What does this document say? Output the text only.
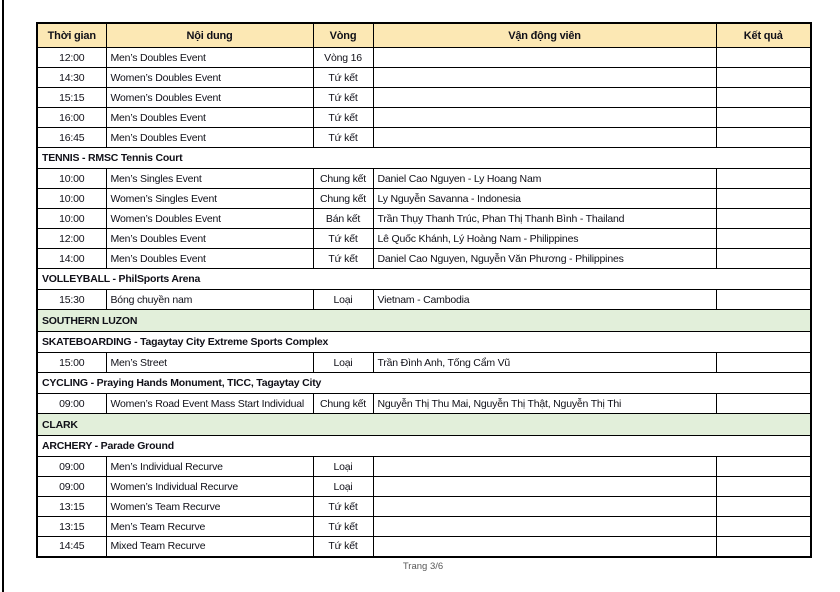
Thời gian	Nội dung	Vòng	Vận động viên	Kết quả
12:00	Men’s Doubles Event	Vòng 16		
14:30	Women’s Doubles Event	Tứ kết		
15:15	Women’s Doubles Event	Tứ kết		
16:00	Men’s Doubles Event	Tứ kết		
16:45	Men’s Doubles Event	Tứ kết		
TENNIS - RMSC Tennis Court				
10:00	Men’s Singles Event	Chung kết	Daniel Cao Nguyen - Ly Hoang Nam	
10:00	Women’s Singles Event	Chung kết	Ly Nguyễn Savanna - Indonesia	
10:00	Women’s Doubles Event	Bán kết	Trần Thụy Thanh Trúc, Phan Thị Thanh Bình - Thailand	
12:00	Men’s Doubles Event	Tứ kết	Lê Quốc Khánh, Lý Hoàng Nam - Philippines	
14:00	Men’s Doubles Event	Tứ kết	Daniel Cao Nguyen, Nguyễn Văn Phương - Philippines	
VOLLEYBALL - PhilSports Arena				
15:30	Bóng chuyền nam	Loại	Vietnam - Cambodia	
SOUTHERN LUZON				
SKATEBOARDING - Tagaytay City Extreme Sports Complex				
15:00	Men’s Street	Loại	Trần Đình Anh, Tống Cẩm Vũ	
CYCLING - Praying Hands Monument, TICC, Tagaytay City				
09:00	Women’s Road Event Mass Start Individual	Chung kết	Nguyễn Thị Thu Mai, Nguyễn Thị Thật, Nguyễn Thị Thi	
CLARK				
ARCHERY - Parade Ground				
09:00	Men’s Individual Recurve	Loại		
09:00	Women’s Individual Recurve	Loại		
13:15	Women’s Team Recurve	Tứ kết		
13:15	Men’s Team Recurve	Tứ kết		
14:45	Mixed Team Recurve	Tứ kết		
Trang 3/6
